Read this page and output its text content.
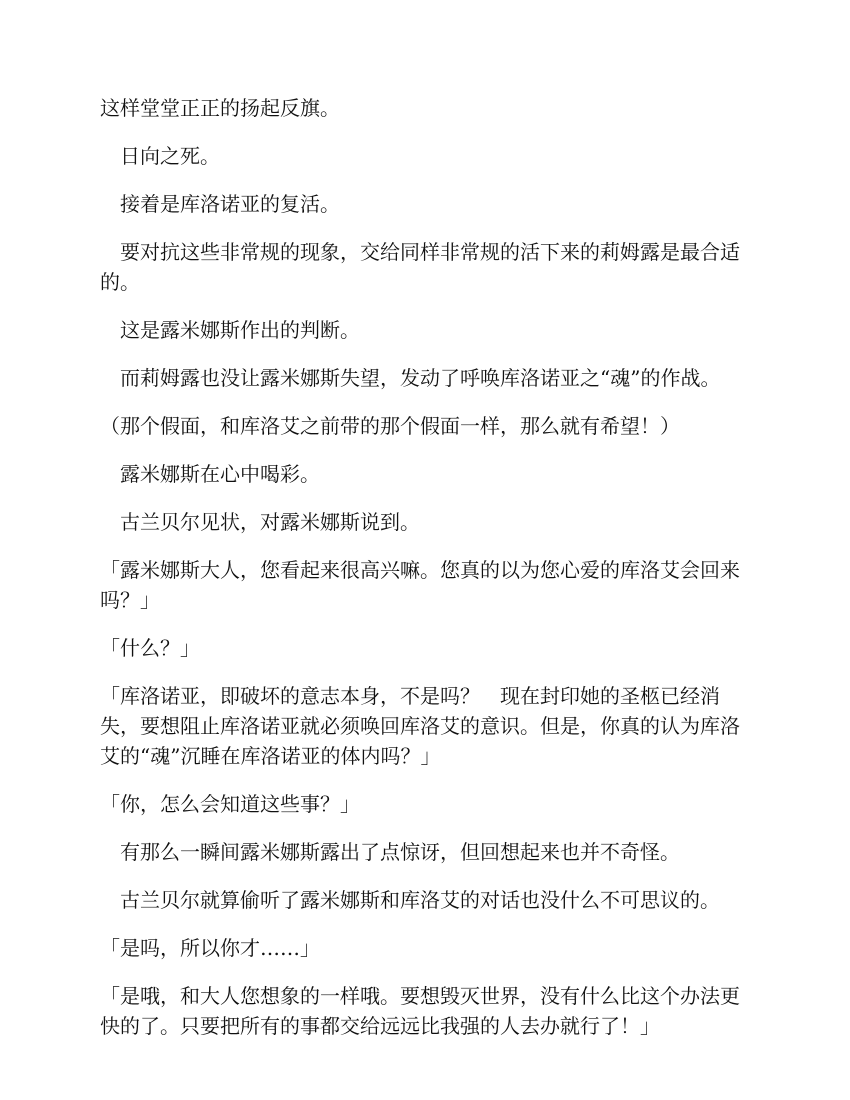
这样堂堂正正的扬起反旗。

日向之死。

接着是库洛诺亚的复活。

要对抗这些非常规的现象，交给同样非常规的活下来的莉姆露是最合适的。

这是露米娜斯作出的判断。

而莉姆露也没让露米娜斯失望，发动了呼唤库洛诺亚之“魂”的作战。

（那个假面，和库洛艾之前带的那个假面一样，那么就有希望！）

露米娜斯在心中喝彩。

古兰贝尔见状，对露米娜斯说到。

「露米娜斯大人，您看起来很高兴嘛。您真的以为您心爱的库洛艾会回来吗？」

「什么？」

「库洛诺亚，即破坏的意志本身，不是吗？　现在封印她的圣柩已经消失，要想阻止库洛诺亚就必须唤回库洛艾的意识。但是，你真的认为库洛艾的“魂”沉睡在库洛诺亚的体内吗？」

「你，怎么会知道这些事？」

有那么一瞬间露米娜斯露出了点惊讶，但回想起来也并不奇怪。

古兰贝尔就算偷听了露米娜斯和库洛艾的对话也没什么不可思议的。

「是吗，所以你才……」

「是哦，和大人您想象的一样哦。要想毁灭世界，没有什么比这个办法更快的了。只要把所有的事都交给远远比我强的人去办就行了！」
